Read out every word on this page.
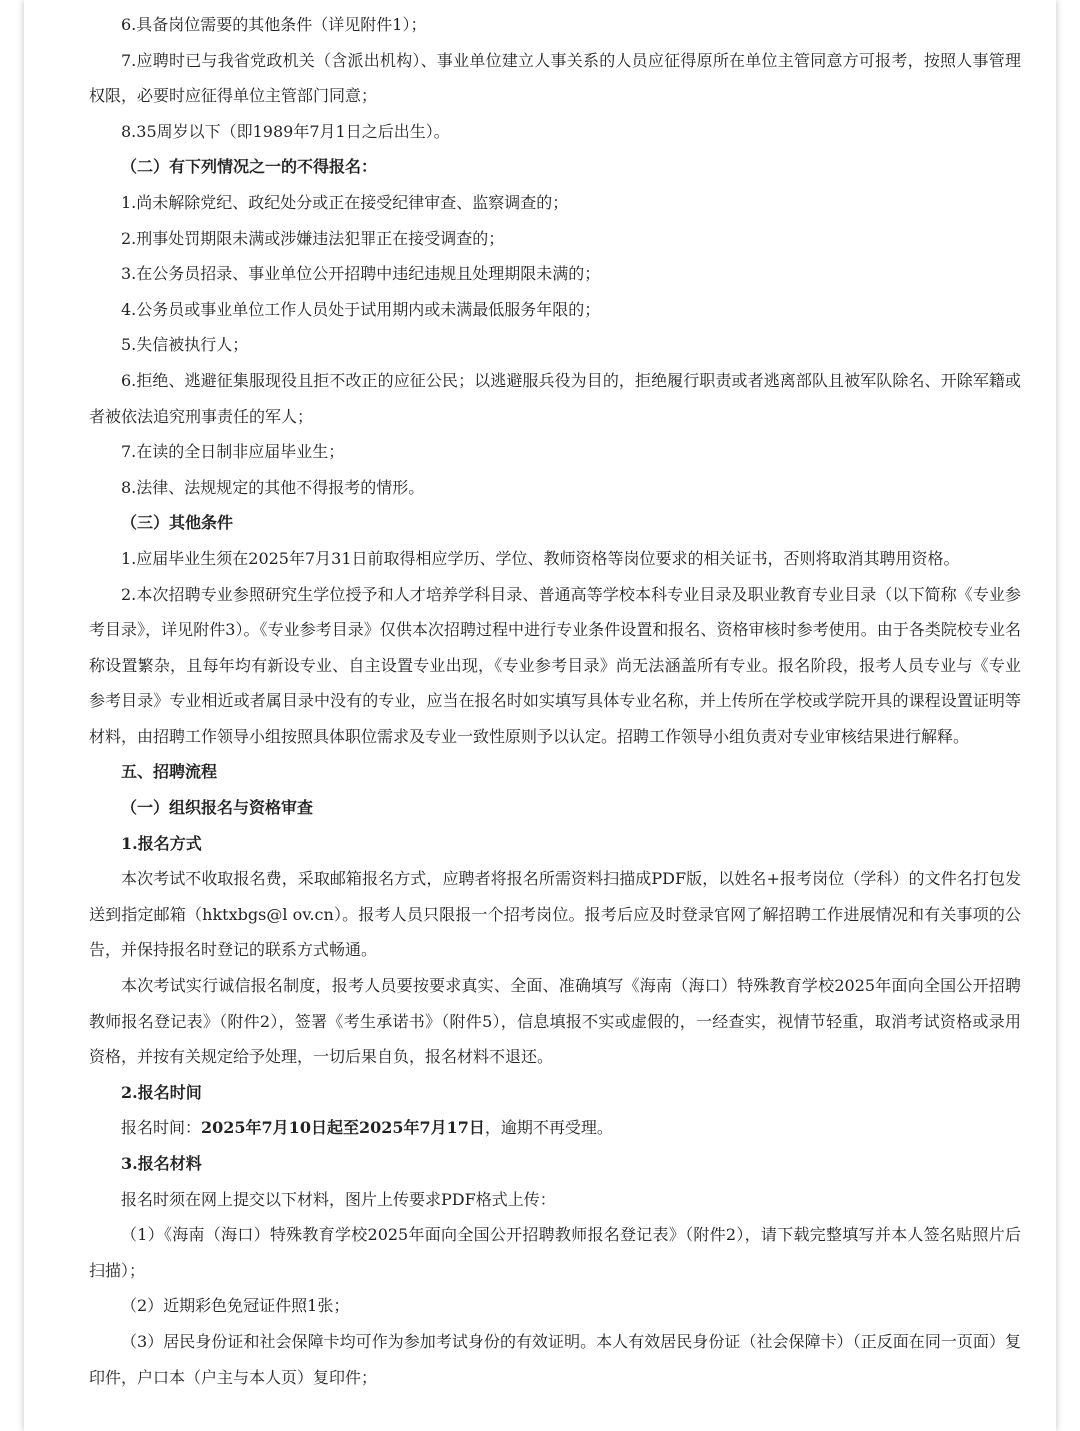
6.具备岗位需要的其他条件（详见附件1）；

7.应聘时已与我省党政机关（含派出机构）、事业单位建立人事关系的人员应征得原所在单位主管同意方可报考，按照人事管理权限，必要时应征得单位主管部门同意；

8.35周岁以下（即1989年7月1日之后出生）。

（二）有下列情况之一的不得报名：

1.尚未解除党纪、政纪处分或正在接受纪律审查、监察调查的；

2.刑事处罚期限未满或涉嫌违法犯罪正在接受调查的；

3.在公务员招录、事业单位公开招聘中违纪违规且处理期限未满的；

4.公务员或事业单位工作人员处于试用期内或未满最低服务年限的；

5.失信被执行人；

6.拒绝、逃避征集服现役且拒不改正的应征公民；以逃避服兵役为目的，拒绝履行职责或者逃离部队且被军队除名、开除军籍或者被依法追究刑事责任的军人；

7.在读的全日制非应届毕业生；

8.法律、法规规定的其他不得报考的情形。

（三）其他条件

1.应届毕业生须在2025年7月31日前取得相应学历、学位、教师资格等岗位要求的相关证书，否则将取消其聘用资格。

2.本次招聘专业参照研究生学位授予和人才培养学科目录、普通高等学校本科专业目录及职业教育专业目录（以下简称《专业参考目录》，详见附件3）。《专业参考目录》仅供本次招聘过程中进行专业条件设置和报名、资格审核时参考使用。由于各类院校专业名称设置繁杂，且每年均有新设专业、自主设置专业出现，《专业参考目录》尚无法涵盖所有专业。报名阶段，报考人员专业与《专业参考目录》专业相近或者属目录中没有的专业，应当在报名时如实填写具体专业名称，并上传所在学校或学院开具的课程设置证明等材料，由招聘工作领导小组按照具体职位需求及专业一致性原则予以认定。招聘工作领导小组负责对专业审核结果进行解释。

五、招聘流程

（一）组织报名与资格审查

1.报名方式

本次考试不收取报名费，采取邮箱报名方式，应聘者将报名所需资料扫描成PDF版，以姓名+报考岗位（学科）的文件名打包发送到指定邮箱（hktxbgs@l ov.cn）。报考人员只限报一个招考岗位。报考后应及时登录官网了解招聘工作进展情况和有关事项的公告，并保持报名时登记的联系方式畅通。

本次考试实行诚信报名制度，报考人员要按要求真实、全面、准确填写《海南（海口）特殊教育学校2025年面向全国公开招聘教师报名登记表》（附件2），签署《考生承诺书》（附件5），信息填报不实或虚假的，一经查实，视情节轻重，取消考试资格或录用资格，并按有关规定给予处理，一切后果自负，报名材料不退还。

2.报名时间

报名时间：2025年7月10日起至2025年7月17日，逾期不再受理。

3.报名材料

报名时须在网上提交以下材料，图片上传要求PDF格式上传：

（1）《海南（海口）特殊教育学校2025年面向全国公开招聘教师报名登记表》（附件2），请下载完整填写并本人签名贴照片后扫描）；

（2）近期彩色免冠证件照1张；

（3）居民身份证和社会保障卡均可作为参加考试身份的有效证明。本人有效居民身份证（社会保障卡）（正反面在同一页面）复印件，户口本（户主与本人页）复印件；
